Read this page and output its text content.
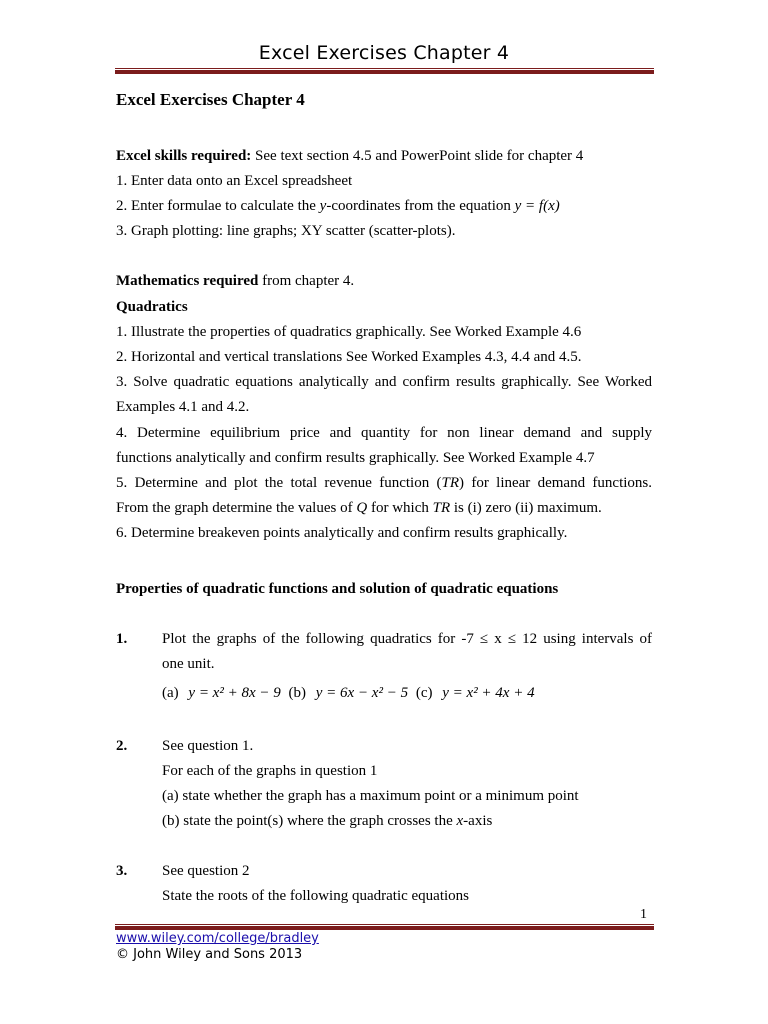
Excel Exercises Chapter 4
Excel Exercises Chapter 4
Excel skills required: See text section 4.5 and PowerPoint slide for chapter 4
1. Enter data onto an Excel spreadsheet
2. Enter formulae to calculate the y-coordinates from the equation y = f(x)
3. Graph plotting: line graphs; XY scatter (scatter-plots).
Mathematics required from chapter 4.
Quadratics
1. Illustrate the properties of quadratics graphically. See Worked Example 4.6
2. Horizontal and vertical translations See Worked Examples 4.3, 4.4 and 4.5.
3. Solve quadratic equations analytically and confirm results graphically. See Worked
Examples 4.1 and 4.2.
4. Determine equilibrium price and quantity for non linear demand and supply
functions analytically and confirm results graphically. See Worked Example 4.7
5. Determine and plot the total revenue function (TR) for linear demand functions.
From the graph determine the values of Q for which TR is (i) zero (ii) maximum.
6. Determine breakeven points analytically and confirm results graphically.
Properties of quadratic functions and solution of quadratic equations
1. Plot the graphs of the following quadratics for -7 ≤ x ≤ 12 using intervals of
one unit.
(a) y = x² + 8x − 9 (b) y = 6x − x² − 5 (c) y = x² + 4x + 4
2. See question 1.
For each of the graphs in question 1
(a) state whether the graph has a maximum point or a minimum point
(b) state the point(s) where the graph crosses the x-axis
3. See question 2
State the roots of the following quadratic equations
1
www.wiley.com/college/bradley
© John Wiley and Sons 2013
